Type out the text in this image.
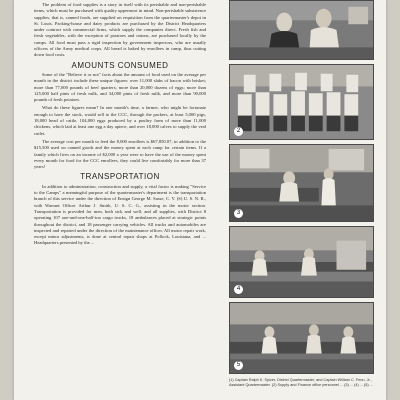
The problem of food supplies is a story in itself with its perishable and non-perishable items, which must be purchased with quality uppermost in mind. Non-perishable subsistence supplies, that is, canned foods, are supplied on requisition from the quartermaster's depot in St. Louis. Packing-house and dairy products are purchased by the District Headquarters under contract with commercial firms, which supply the companies direct. Fresh fish and fresh vegetables, with the exception of potatoes and onions, are purchased locally by the camps. All food must pass a rigid inspection by government inspectors, who are usually officers of the Army medical corps. All bread is baked by enrollees in camp, thus cutting down food costs.

AMOUNTS CONSUMED

Some of the "Believe it or not" facts about the amount of food used on the average per month in the district include these unique figures: over 11,000 slabs of bacon with brisket; more than 77,000 pounds of beef quarters; more than 20,000 dozens of eggs; more than 125,000 half pints of fresh milk, and 34,000 pints of fresh milk, and more than 90,000 pounds of fresh potatoes.

What do these figures mean? In one month's time, a farmer, who might be fortunate enough to have the stock, would sell to the CCC, through the packers, at least 5,000 pigs, 18,000 head of cattle, 104,000 eggs produced by a poultry farm of more than 11,000 chickens, which laid at least one egg a day apiece, and over 18,000 calves to supply the veal cutlet.

The average cost per month to feed the 8,000 enrollees is $67,850.07, in addition to the $15,500 used on canned goods and the money spent at each camp for certain items. If a family which lives on an income of $2,000 a year were to have the use of the money spent every month for food for the CCC enrollees, they could live comfortably for more than 37 years!

TRANSPORTATION

In addition to administration, construction and supply, a vital factor is making "Service to the Camps" a meaningful purpose of the quartermaster's department is the transportation branch of this service under the direction of Ensign George M. Sasse, C. V. (S) U. S. N. R., with Warrant Officer Arthur J. Smith, U. S. C. G., assisting in the motor section. Transportation is provided for men, both sick and well, and all supplies, with District 8 operating 107 one-and-one-half-ton cargo trucks, 18 ambulances placed at strategic points throughout the district, and 18 passenger carrying vehicles. All trucks and automobiles are inspected and repaired under the direction of the maintenance officer. All motor repair work, except minor adjustments, is done at central repair shops at Pollock, Louisiana, and ... Headquarters presented by the ...

2
3
4
5
(1) Captain Ralph K. Spicer, District Quartermaster, and Captain William C. Fenn, Jr., Assistant Quartermaster. (2) Supply and Finance office personnel ... (3) ... (4) ... (5) ...
